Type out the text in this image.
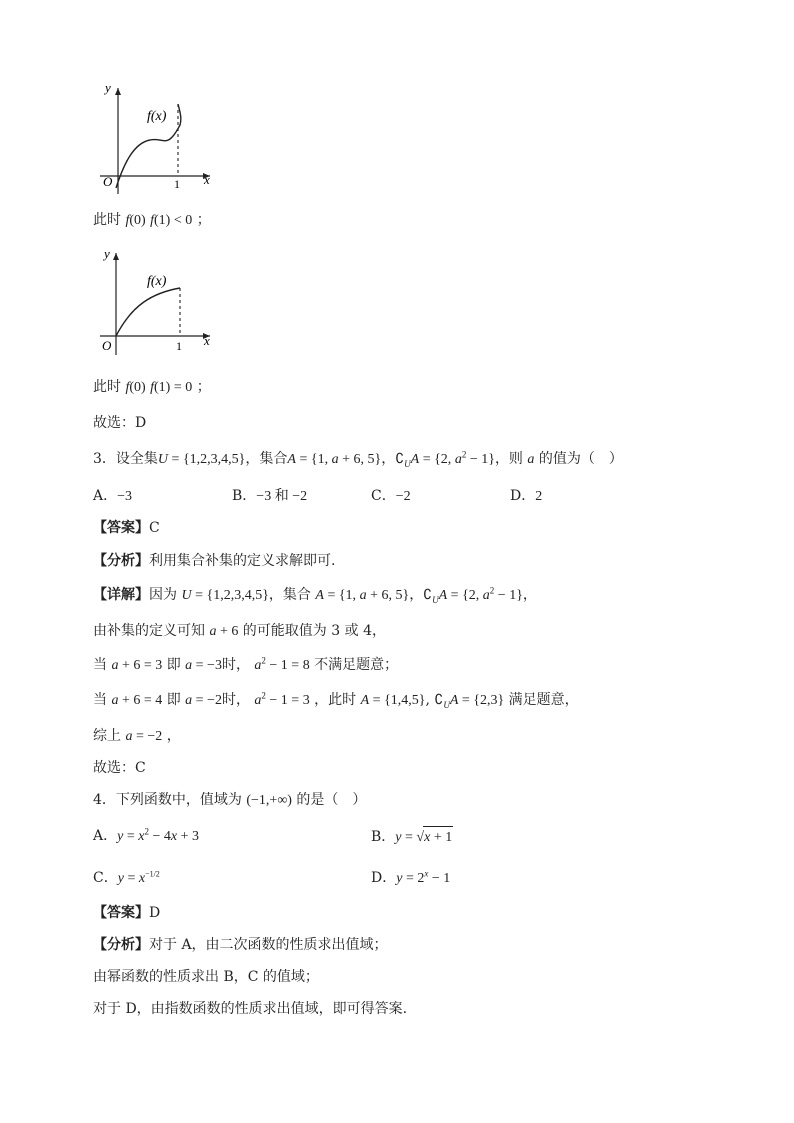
y
x
O	1
f(x)
此时 f(0) f(1) < 0 ；
y
x
O	1
f(x)
此时 f(0) f(1) = 0 ；
故选：D
3．设全集U = {1,2,3,4,5}，集合A = {1, a + 6, 5}，$∁_UA = \{2$, $a^2 - 1$}，则 a 的值为（　）
A．−3	B．−3 和 −2	C．−2	D．2
【答案】C
【分析】利用集合补集的定义求解即可.
【详解】因为 U = {1,2,3,4,5}，集合 A = {1, a + 6, 5}，$∁_UA = \{2$, $a^2 - 1$}，
由补集的定义可知 a + 6 的可能取值为 3 或 4，
当 a + 6 = 3 即 a = −3时， $a^2 - 1 = 8$ 不满足题意；
当 a + 6 = 4 即 a = −2时， $a^2 - 1 = 3$ ，此时 A = {1,4,5}, $∁_UA = \{2,3\}$ 满足题意，
综上 a = −2 ，
故选：C
4．下列函数中，值域为 (−1,+∞) 的是（　）
A．$y = x^2 - 4x + 3$	B．y = √x + 1
C．$y = x^{-1/2}$	D．$y = 2^x - 1$
【答案】D
【分析】对于 A，由二次函数的性质求出值域；
由幂函数的性质求出 B，C 的值域；
对于 D，由指数函数的性质求出值域，即可得答案.
